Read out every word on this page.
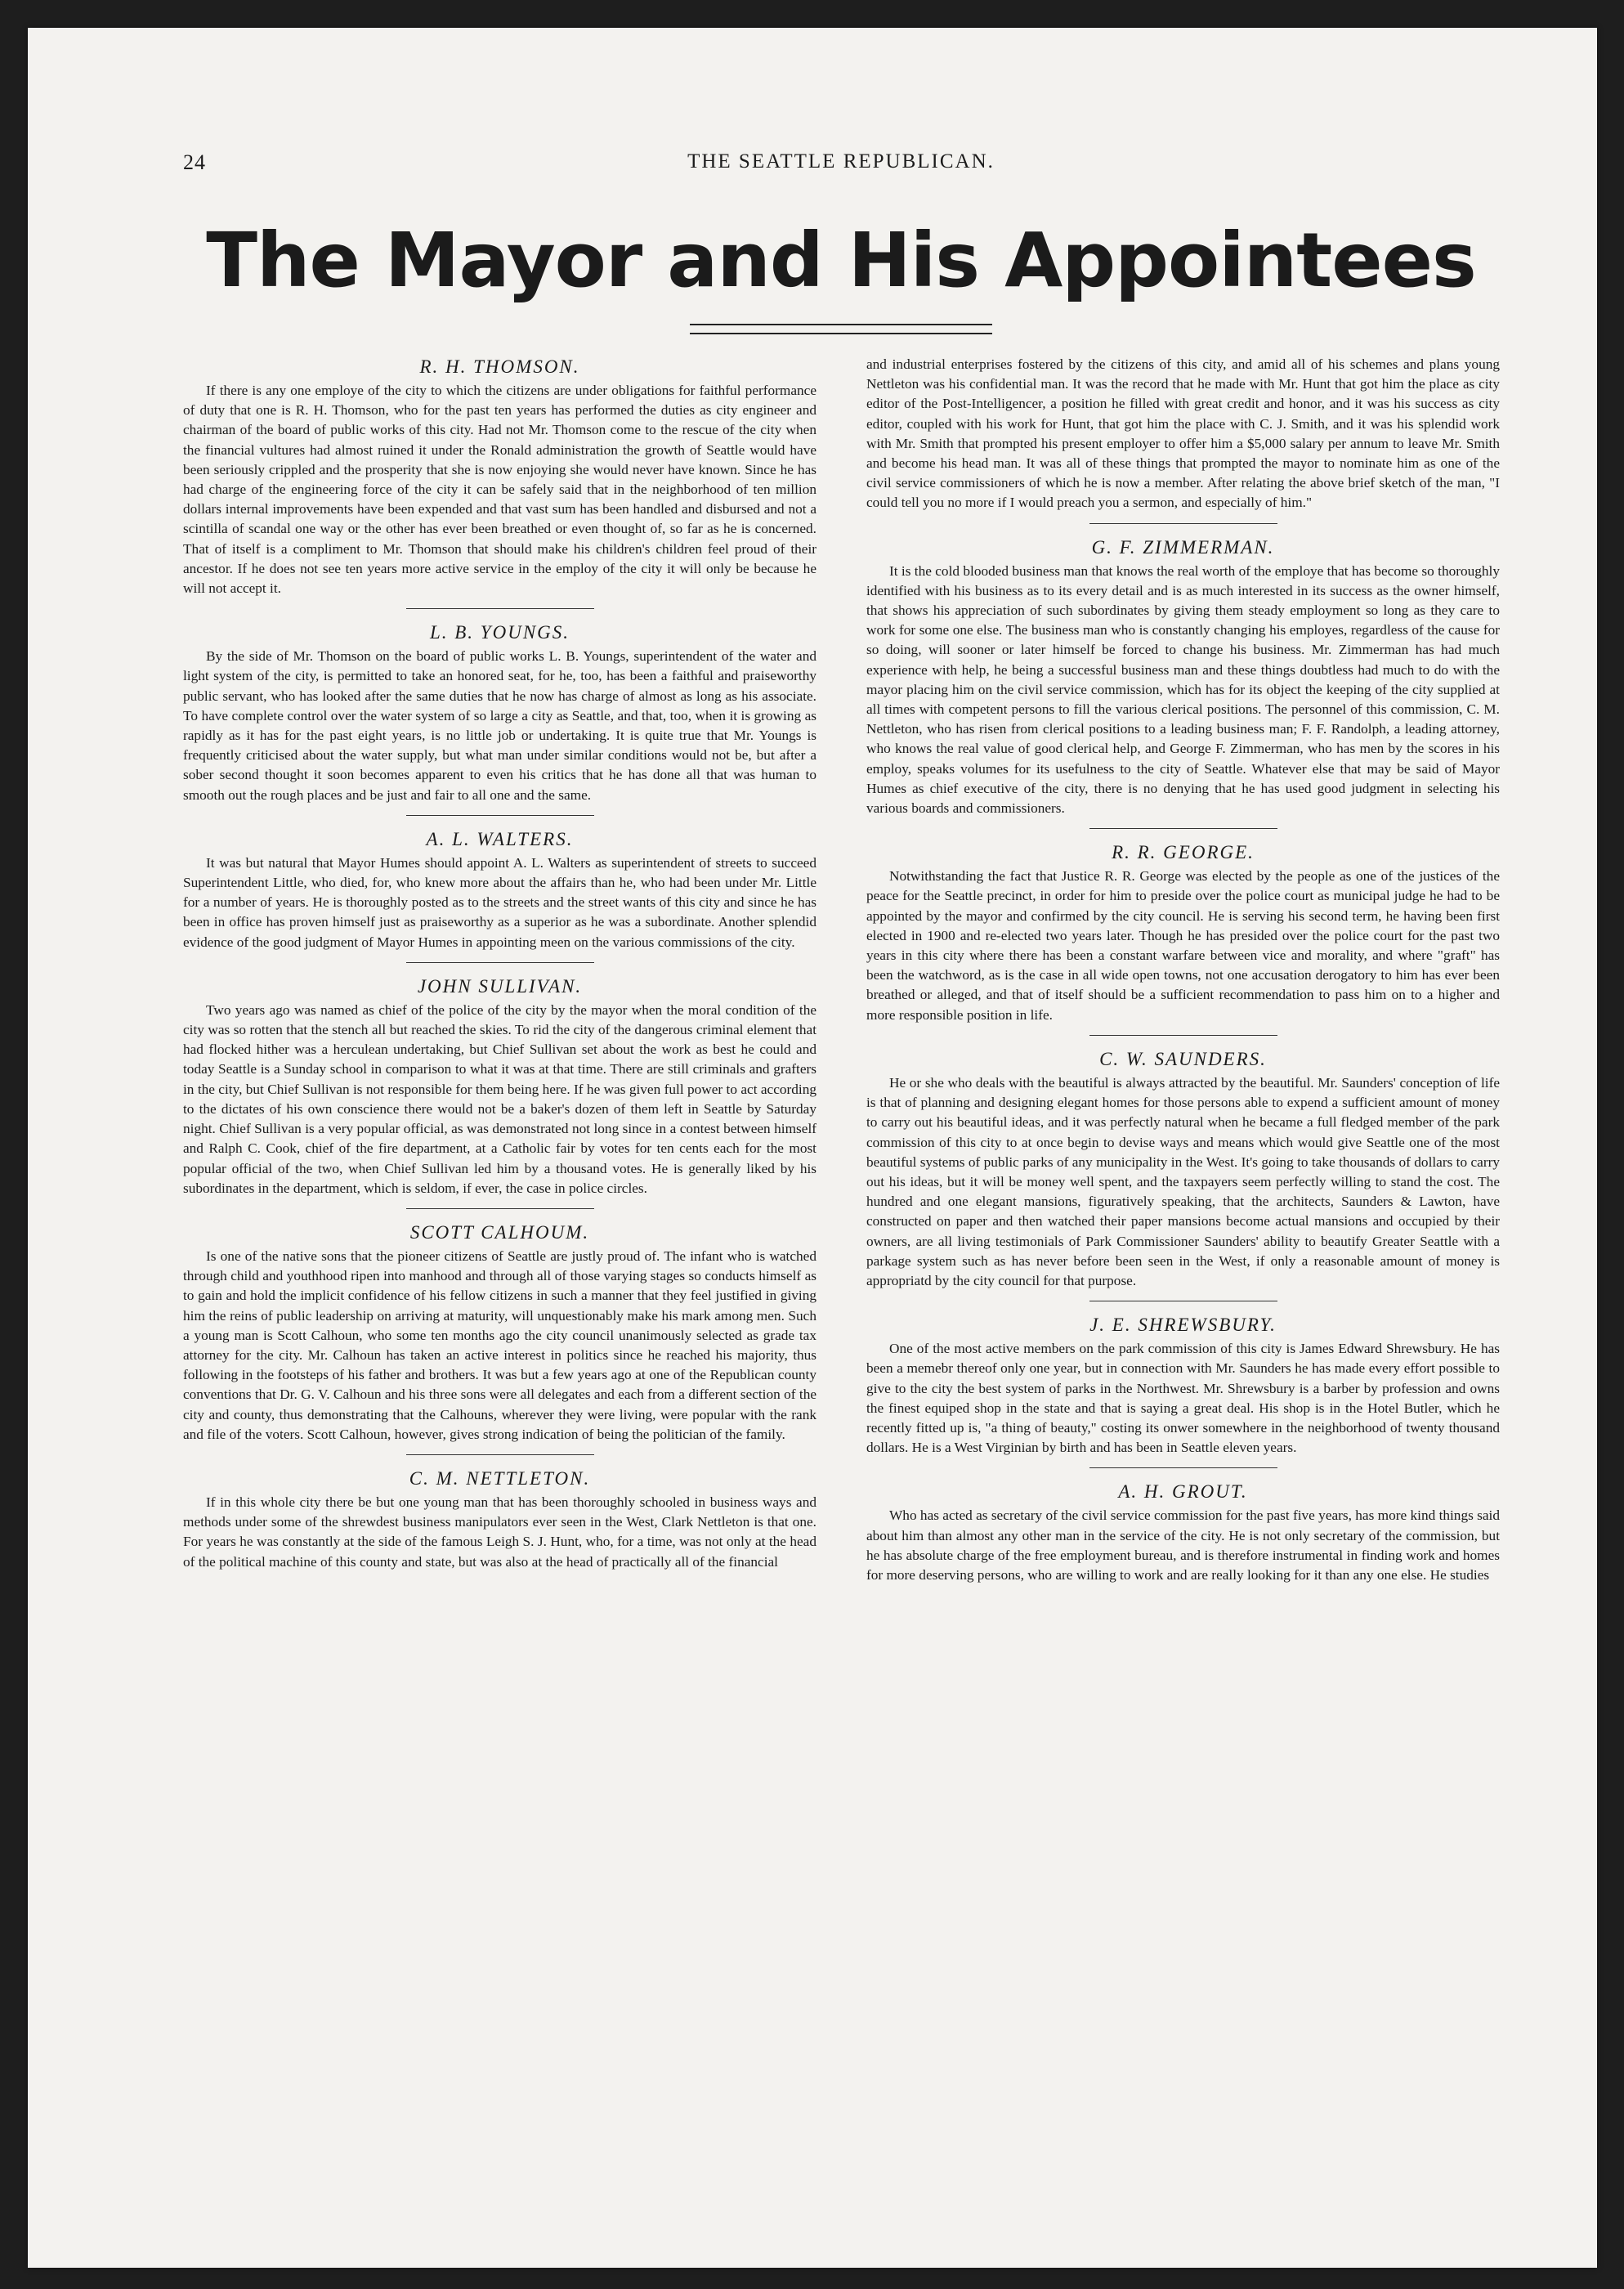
24	THE SEATTLE REPUBLICAN.
The Mayor and His Appointees
R. H. THOMSON.

If there is any one employe of the city to which the citizens are under obligations for faithful performance of duty that one is R. H. Thomson, who for the past ten years has performed the duties as city engineer and chairman of the board of public works of this city. Had not Mr. Thomson come to the rescue of the city when the financial vultures had almost ruined it under the Ronald administration the growth of Seattle would have been seriously crippled and the prosperity that she is now enjoying she would never have known. Since he has had charge of the engineering force of the city it can be safely said that in the neighborhood of ten million dollars internal improvements have been expended and that vast sum has been handled and disbursed and not a scintilla of scandal one way or the other has ever been breathed or even thought of, so far as he is concerned. That of itself is a compliment to Mr. Thomson that should make his children's children feel proud of their ancestor. If he does not see ten years more active service in the employ of the city it will only be because he will not accept it.

L. B. YOUNGS.

By the side of Mr. Thomson on the board of public works L. B. Youngs, superintendent of the water and light system of the city, is permitted to take an honored seat, for he, too, has been a faithful and praiseworthy public servant, who has looked after the same duties that he now has charge of almost as long as his associate. To have complete control over the water system of so large a city as Seattle, and that, too, when it is growing as rapidly as it has for the past eight years, is no little job or undertaking. It is quite true that Mr. Youngs is frequently criticised about the water supply, but what man under similar conditions would not be, but after a sober second thought it soon becomes apparent to even his critics that he has done all that was human to smooth out the rough places and be just and fair to all one and the same.

A. L. WALTERS.

It was but natural that Mayor Humes should appoint A. L. Walters as superintendent of streets to succeed Superintendent Little, who died, for, who knew more about the affairs than he, who had been under Mr. Little for a number of years. He is thoroughly posted as to the streets and the street wants of this city and since he has been in office has proven himself just as praiseworthy as a superior as he was a subordinate. Another splendid evidence of the good judgment of Mayor Humes in appointing meen on the various commissions of the city.

JOHN SULLIVAN.

Two years ago was named as chief of the police of the city by the mayor when the moral condition of the city was so rotten that the stench all but reached the skies. To rid the city of the dangerous criminal element that had flocked hither was a herculean undertaking, but Chief Sullivan set about the work as best he could and today Seattle is a Sunday school in comparison to what it was at that time. There are still criminals and grafters in the city, but Chief Sullivan is not responsible for them being here. If he was given full power to act according to the dictates of his own conscience there would not be a baker's dozen of them left in Seattle by Saturday night. Chief Sullivan is a very popular official, as was demonstrated not long since in a contest between himself and Ralph C. Cook, chief of the fire department, at a Catholic fair by votes for ten cents each for the most popular official of the two, when Chief Sullivan led him by a thousand votes. He is generally liked by his subordinates in the department, which is seldom, if ever, the case in police circles.

SCOTT CALHOUM.

Is one of the native sons that the pioneer citizens of Seattle are justly proud of. The infant who is watched through child and youthhood ripen into manhood and through all of those varying stages so conducts himself as to gain and hold the implicit confidence of his fellow citizens in such a manner that they feel justified in giving him the reins of public leadership on arriving at maturity, will unquestionably make his mark among men. Such a young man is Scott Calhoun, who some ten months ago the city council unanimously selected as grade tax attorney for the city. Mr. Calhoun has taken an active interest in politics since he reached his majority, thus following in the footsteps of his father and brothers. It was but a few years ago at one of the Republican county conventions that Dr. G. V. Calhoun and his three sons were all delegates and each from a different section of the city and county, thus demonstrating that the Calhouns, wherever they were living, were popular with the rank and file of the voters. Scott Calhoun, however, gives strong indication of being the politician of the family.

C. M. NETTLETON.

If in this whole city there be but one young man that has been thoroughly schooled in business ways and methods under some of the shrewdest business manipulators ever seen in the West, Clark Nettleton is that one. For years he was constantly at the side of the famous Leigh S. J. Hunt, who, for a time, was not only at the head of the political machine of this county and state, but was also at the head of practically all of the financial

and industrial enterprises fostered by the citizens of this city, and amid all of his schemes and plans young Nettleton was his confidential man. It was the record that he made with Mr. Hunt that got him the place as city editor of the Post-Intelligencer, a position he filled with great credit and honor, and it was his success as city editor, coupled with his work for Hunt, that got him the place with C. J. Smith, and it was his splendid work with Mr. Smith that prompted his present employer to offer him a $5,000 salary per annum to leave Mr. Smith and become his head man. It was all of these things that prompted the mayor to nominate him as one of the civil service commissioners of which he is now a member. After relating the above brief sketch of the man, "I could tell you no more if I would preach you a sermon, and especially of him."

G. F. ZIMMERMAN.

It is the cold blooded business man that knows the real worth of the employe that has become so thoroughly identified with his business as to its every detail and is as much interested in its success as the owner himself, that shows his appreciation of such subordinates by giving them steady employment so long as they care to work for some one else. The business man who is constantly changing his employes, regardless of the cause for so doing, will sooner or later himself be forced to change his business. Mr. Zimmerman has had much experience with help, he being a successful business man and these things doubtless had much to do with the mayor placing him on the civil service commission, which has for its object the keeping of the city supplied at all times with competent persons to fill the various clerical positions. The personnel of this commission, C. M. Nettleton, who has risen from clerical positions to a leading business man; F. F. Randolph, a leading attorney, who knows the real value of good clerical help, and George F. Zimmerman, who has men by the scores in his employ, speaks volumes for its usefulness to the city of Seattle. Whatever else that may be said of Mayor Humes as chief executive of the city, there is no denying that he has used good judgment in selecting his various boards and commissioners.

R. R. GEORGE.

Notwithstanding the fact that Justice R. R. George was elected by the people as one of the justices of the peace for the Seattle precinct, in order for him to preside over the police court as municipal judge he had to be appointed by the mayor and confirmed by the city council. He is serving his second term, he having been first elected in 1900 and re-elected two years later. Though he has presided over the police court for the past two years in this city where there has been a constant warfare between vice and morality, and where "graft" has been the watchword, as is the case in all wide open towns, not one accusation derogatory to him has ever been breathed or alleged, and that of itself should be a sufficient recommendation to pass him on to a higher and more responsible position in life.

C. W. SAUNDERS.

He or she who deals with the beautiful is always attracted by the beautiful. Mr. Saunders' conception of life is that of planning and designing elegant homes for those persons able to expend a sufficient amount of money to carry out his beautiful ideas, and it was perfectly natural when he became a full fledged member of the park commission of this city to at once begin to devise ways and means which would give Seattle one of the most beautiful systems of public parks of any municipality in the West. It's going to take thousands of dollars to carry out his ideas, but it will be money well spent, and the taxpayers seem perfectly willing to stand the cost. The hundred and one elegant mansions, figuratively speaking, that the architects, Saunders & Lawton, have constructed on paper and then watched their paper mansions become actual mansions and occupied by their owners, are all living testimonials of Park Commissioner Saunders' ability to beautify Greater Seattle with a parkage system such as has never before been seen in the West, if only a reasonable amount of money is appropriatd by the city council for that purpose.

J. E. SHREWSBURY.

One of the most active members on the park commission of this city is James Edward Shrewsbury. He has been a memebr thereof only one year, but in connection with Mr. Saunders he has made every effort possible to give to the city the best system of parks in the Northwest. Mr. Shrewsbury is a barber by profession and owns the finest equiped shop in the state and that is saying a great deal. His shop is in the Hotel Butler, which he recently fitted up is, "a thing of beauty," costing its onwer somewhere in the neighborhood of twenty thousand dollars. He is a West Virginian by birth and has been in Seattle eleven years.

A. H. GROUT.

Who has acted as secretary of the civil service commission for the past five years, has more kind things said about him than almost any other man in the service of the city. He is not only secretary of the commission, but he has absolute charge of the free employment bureau, and is therefore instrumental in finding work and homes for more deserving persons, who are willing to work and are really looking for it than any one else. He studies
